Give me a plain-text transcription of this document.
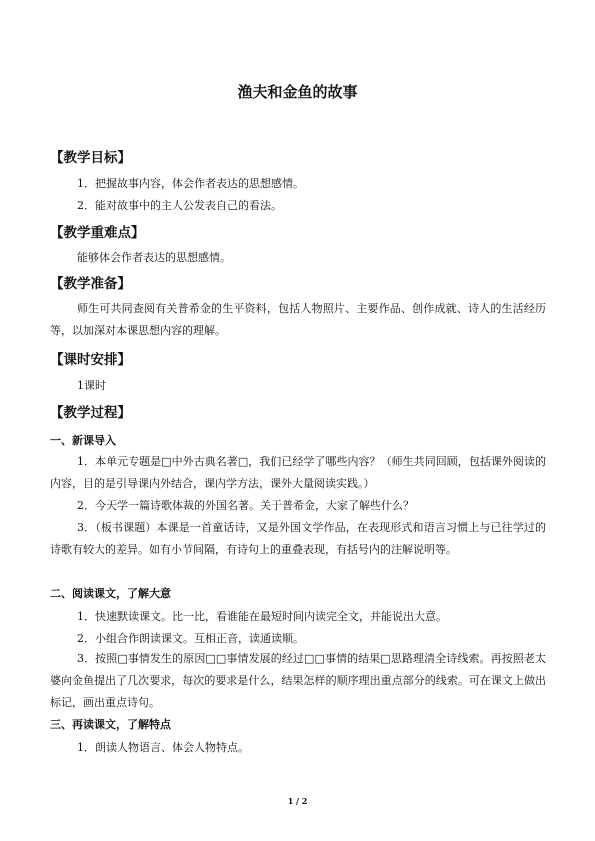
渔夫和金鱼的故事
【教学目标】
1．把握故事内容，体会作者表达的思想感情。
2．能对故事中的主人公发表自己的看法。
【教学重难点】
能够体会作者表达的思想感情。
【教学准备】
师生可共同查阅有关普希金的生平资料，包括人物照片、主要作品、创作成就、诗人的生活经历等，以加深对本课思想内容的理解。
【课时安排】
1课时
【教学过程】
一、新课导入
1．本单元专题是□中外古典名著□，我们已经学了哪些内容？（师生共同回顾，包括课外阅读的内容，目的是引导课内外结合，课内学方法，课外大量阅读实践。）
2．今天学一篇诗歌体裁的外国名著。关于普希金，大家了解些什么？
3．（板书课题）本课是一首童话诗，又是外国文学作品，在表现形式和语言习惯上与已往学过的诗歌有较大的差异。如有小节间隔，有诗句上的重叠表现，有括号内的注解说明等。
二、阅读课文，了解大意
1．快速默读课文。比一比，看谁能在最短时间内读完全文，并能说出大意。
2．小组合作朗读课文。互相正音，读通读顺。
3．按照□事情发生的原因□□事情发展的经过□□事情的结果□思路理清全诗线索。再按照老太婆向金鱼提出了几次要求，每次的要求是什么，结果怎样的顺序理出重点部分的线索。可在课文上做出标记，画出重点诗句。
三、再读课文，了解特点
1．朗读人物语言、体会人物特点。
1 / 2
